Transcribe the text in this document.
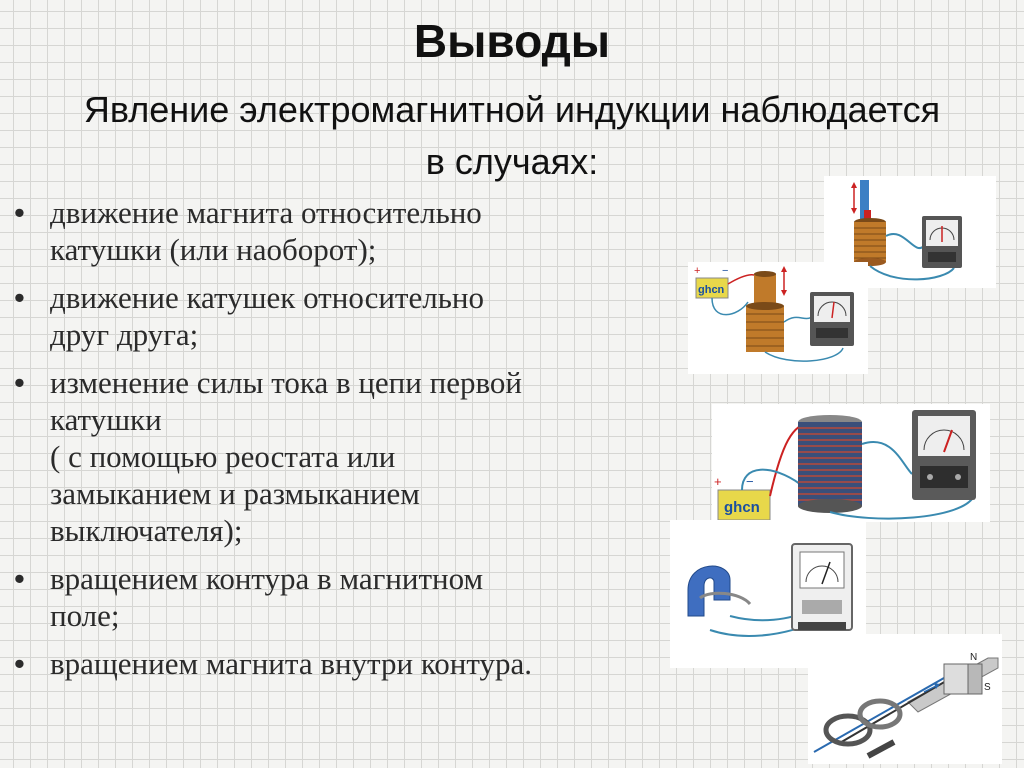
Выводы

Явление электромагнитной индукции наблюдается в случаях:

• движение магнита относительно
катушки (или наоборот);
• движение катушек относительно
друг друга;
• изменение силы тока в цепи первой
катушки
( с помощью реостата или
замыканием и размыканием
выключателя);
• вращением контура в магнитном
поле;
• вращением магнита внутри контура.
ghcn
+ −
+ −
ghcn
N
S
